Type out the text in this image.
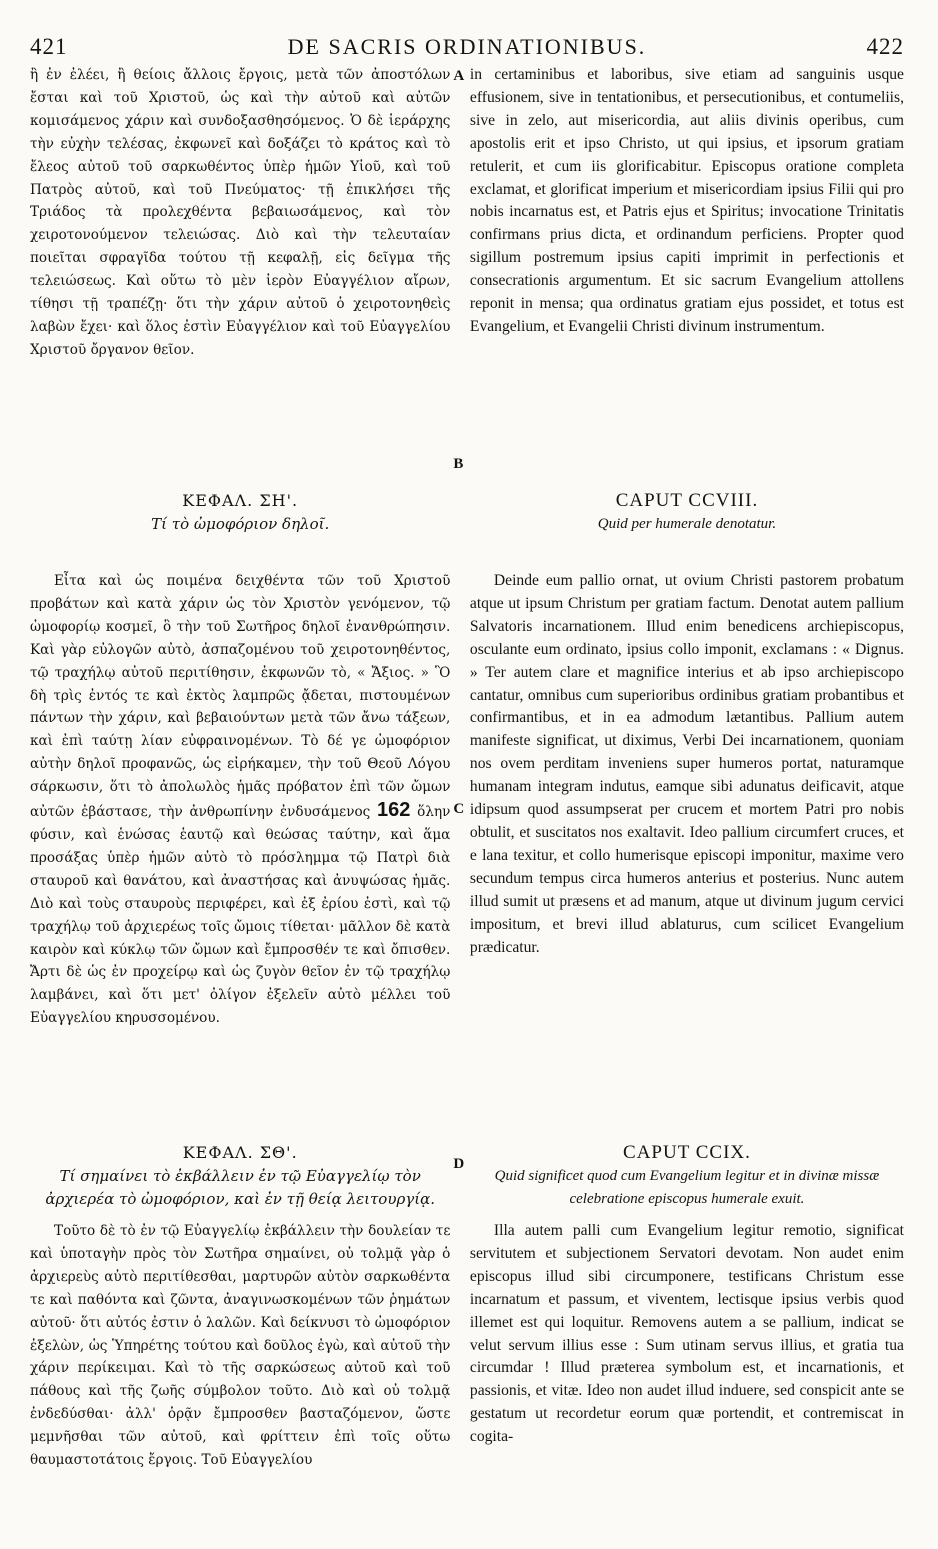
421	DE SACRIS ORDINATIONIBUS.	422

ἢ ἐν ἐλέει, ἢ θείοις ἄλλοις ἔργοις, μετὰ τῶν ἀποστόλων ἔσται καὶ τοῦ Χριστοῦ, ὡς καὶ τὴν αὐτοῦ καὶ αὐτῶν κομισάμενος χάριν καὶ συνδοξασθησόμενος. Ὁ δὲ ἱεράρχης τὴν εὐχὴν τελέσας, ἐκφωνεῖ καὶ δοξάζει τὸ κράτος καὶ τὸ ἔλεος αὐτοῦ τοῦ σαρκωθέντος ὑπὲρ ἡμῶν Υἱοῦ, καὶ τοῦ Πατρὸς αὐτοῦ, καὶ τοῦ Πνεύματος· τῇ ἐπικλήσει τῆς Τριάδος τὰ προλεχθέντα βεβαιωσάμενος, καὶ τὸν χειροτονούμενον τελειώσας. Διὸ καὶ τὴν τελευταίαν ποιεῖται σφραγῖδα τούτου τῇ κεφαλῇ, εἰς δεῖγμα τῆς τελειώσεως. Καὶ οὕτω τὸ μὲν ἱερὸν Εὐαγγέλιον αἴρων, τίθησι τῇ τραπέζῃ· ὅτι τὴν χάριν αὐτοῦ ὁ χειροτονηθεὶς λαβὼν ἔχει· καὶ ὅλος ἐστὶν Εὐαγγέλιον καὶ τοῦ Εὐαγγελίου Χριστοῦ ὄργανον θεῖον.

ΚΕΦΑΛ. ΣΗ'.
Τί τὸ ὠμοφόριον δηλοῖ.

Εἶτα καὶ ὡς ποιμένα δειχθέντα τῶν τοῦ Χριστοῦ προβάτων καὶ κατὰ χάριν ὡς τὸν Χριστὸν γενόμενον, τῷ ὠμοφορίῳ κοσμεῖ, ὃ τὴν τοῦ Σωτῆρος δηλοῖ ἐνανθρώπησιν. Καὶ γὰρ εὐλογῶν αὐτὸ, ἀσπαζομένου τοῦ χειροτονηθέντος, τῷ τραχήλῳ αὐτοῦ περιτίθησιν, ἐκφωνῶν τὸ, « Ἄξιος. » Ὃ δὴ τρὶς ἐντός τε καὶ ἐκτὸς λαμπρῶς ᾄδεται, πιστουμένων πάντων τὴν χάριν, καὶ βεβαιούντων μετὰ τῶν ἄνω τάξεων, καὶ ἐπὶ ταύτῃ λίαν εὐφραινομένων. Τὸ δέ γε ὠμοφόριον αὐτὴν δηλοῖ προφανῶς, ὡς εἰρήκαμεν, τὴν τοῦ Θεοῦ Λόγου σάρκωσιν, ὅτι τὸ ἀπολωλὸς ἡμᾶς πρόβατον ἐπὶ τῶν ὤμων αὐτῶν ἐβάστασε, τὴν ἀνθρωπίνην ἐνδυσάμενος 162 ὅλην φύσιν, καὶ ἑνώσας ἑαυτῷ καὶ θεώσας ταύτην, καὶ ἅμα προσάξας ὑπὲρ ἡμῶν αὐτὸ τὸ πρόσλημμα τῷ Πατρὶ διὰ σταυροῦ καὶ θανάτου, καὶ ἀναστήσας καὶ ἀνυψώσας ἡμᾶς. Διὸ καὶ τοὺς σταυροὺς περιφέρει, καὶ ἐξ ἐρίου ἐστὶ, καὶ τῷ τραχήλῳ τοῦ ἀρχιερέως τοῖς ὤμοις τίθεται· μᾶλλον δὲ κατὰ καιρὸν καὶ κύκλῳ τῶν ὤμων καὶ ἔμπροσθέν τε καὶ ὄπισθεν. Ἄρτι δὲ ὡς ἐν προχείρῳ καὶ ὡς ζυγὸν θεῖον ἐν τῷ τραχήλῳ λαμβάνει, καὶ ὅτι μετ' ὀλίγον ἐξελεῖν αὐτὸ μέλλει τοῦ Εὐαγγελίου κηρυσσομένου.

ΚΕΦΑΛ. ΣΘ'.
Τί σημαίνει τὸ ἐκβάλλειν ἐν τῷ Εὐαγγελίῳ τὸν ἀρχιερέα τὸ ὠμοφόριον, καὶ ἐν τῇ θείᾳ λειτουργίᾳ.

Τοῦτο δὲ τὸ ἐν τῷ Εὐαγγελίῳ ἐκβάλλειν τὴν δουλείαν τε καὶ ὑποταγὴν πρὸς τὸν Σωτῆρα σημαίνει, οὐ τολμᾷ γὰρ ὁ ἀρχιερεὺς αὐτὸ περιτίθεσθαι, μαρτυρῶν αὐτὸν σαρκωθέντα τε καὶ παθόντα καὶ ζῶντα, ἀναγινωσκομένων τῶν ῥημάτων αὐτοῦ· ὅτι αὐτός ἐστιν ὁ λαλῶν. Καὶ δείκνυσι τὸ ὠμοφόριον ἐξελὼν, ὡς Ὑπηρέτης τούτου καὶ δοῦλος ἐγὼ, καὶ αὐτοῦ τὴν χάριν περίκειμαι. Καὶ τὸ τῆς σαρκώσεως αὐτοῦ καὶ τοῦ πάθους καὶ τῆς ζωῆς σύμβολον τοῦτο. Διὸ καὶ οὐ τολμᾷ ἐνδεδύσθαι· ἀλλ' ὁρᾷν ἔμπροσθεν βασταζόμενον, ὥστε μεμνῆσθαι τῶν αὐτοῦ, καὶ φρίττειν ἐπὶ τοῖς οὕτω θαυμαστοτάτοις ἔργοις. Τοῦ Εὐαγγελίου

A
B
C
D

in certaminibus et laboribus, sive etiam ad sanguinis usque effusionem, sive in tentationibus, et persecutionibus, et contumeliis, sive in zelo, aut misericordia, aut aliis divinis operibus, cum apostolis erit et ipso Christo, ut qui ipsius, et ipsorum gratiam retulerit, et cum iis glorificabitur. Episcopus oratione completa exclamat, et glorificat imperium et misericordiam ipsius Filii qui pro nobis incarnatus est, et Patris ejus et Spiritus; invocatione Trinitatis confirmans prius dicta, et ordinandum perficiens. Propter quod sigillum postremum ipsius capiti imprimit in perfectionis et consecrationis argumentum. Et sic sacrum Evangelium attollens reponit in mensa; qua ordinatus gratiam ejus possidet, et totus est Evangelium, et Evangelii Christi divinum instrumentum.

CAPUT CCVIII.
Quid per humerale denotatur.

Deinde eum pallio ornat, ut ovium Christi pastorem probatum atque ut ipsum Christum per gratiam factum. Denotat autem pallium Salvatoris incarnationem. Illud enim benedicens archiepiscopus, osculante eum ordinato, ipsius collo imponit, exclamans : « Dignus. » Ter autem clare et magnifice interius et ab ipso archiepiscopo cantatur, omnibus cum superioribus ordinibus gratiam probantibus et confirmantibus, et in ea admodum lætantibus. Pallium autem manifeste significat, ut diximus, Verbi Dei incarnationem, quoniam nos ovem perditam inveniens super humeros portat, naturamque humanam integram indutus, eamque sibi adunatus deificavit, atque idipsum quod assumpserat per crucem et mortem Patri pro nobis obtulit, et suscitatos nos exaltavit. Ideo pallium circumfert cruces, et e lana texitur, et collo humerisque episcopi imponitur, maxime vero secundum tempus circa humeros anterius et posterius. Nunc autem illud sumit ut præsens et ad manum, atque ut divinum jugum cervici impositum, et brevi illud ablaturus, cum scilicet Evangelium prædicatur.

CAPUT CCIX.
Quid significet quod cum Evangelium legitur et in divinæ missæ celebratione episcopus humerale exuit.

Illa autem palli cum Evangelium legitur remotio, significat servitutem et subjectionem Servatori devotam. Non audet enim episcopus illud sibi circumponere, testificans Christum esse incarnatum et passum, et viventem, lectisque ipsius verbis quod illemet est qui loquitur. Removens autem a se pallium, indicat se velut servum illius esse : Sum utinam servus illius, et gratia tua circumdar ! Illud præterea symbolum est, et incarnationis, et passionis, et vitæ. Ideo non audet illud induere, sed conspicit ante se gestatum ut recordetur eorum quæ portendit, et contremiscat in cogita-
